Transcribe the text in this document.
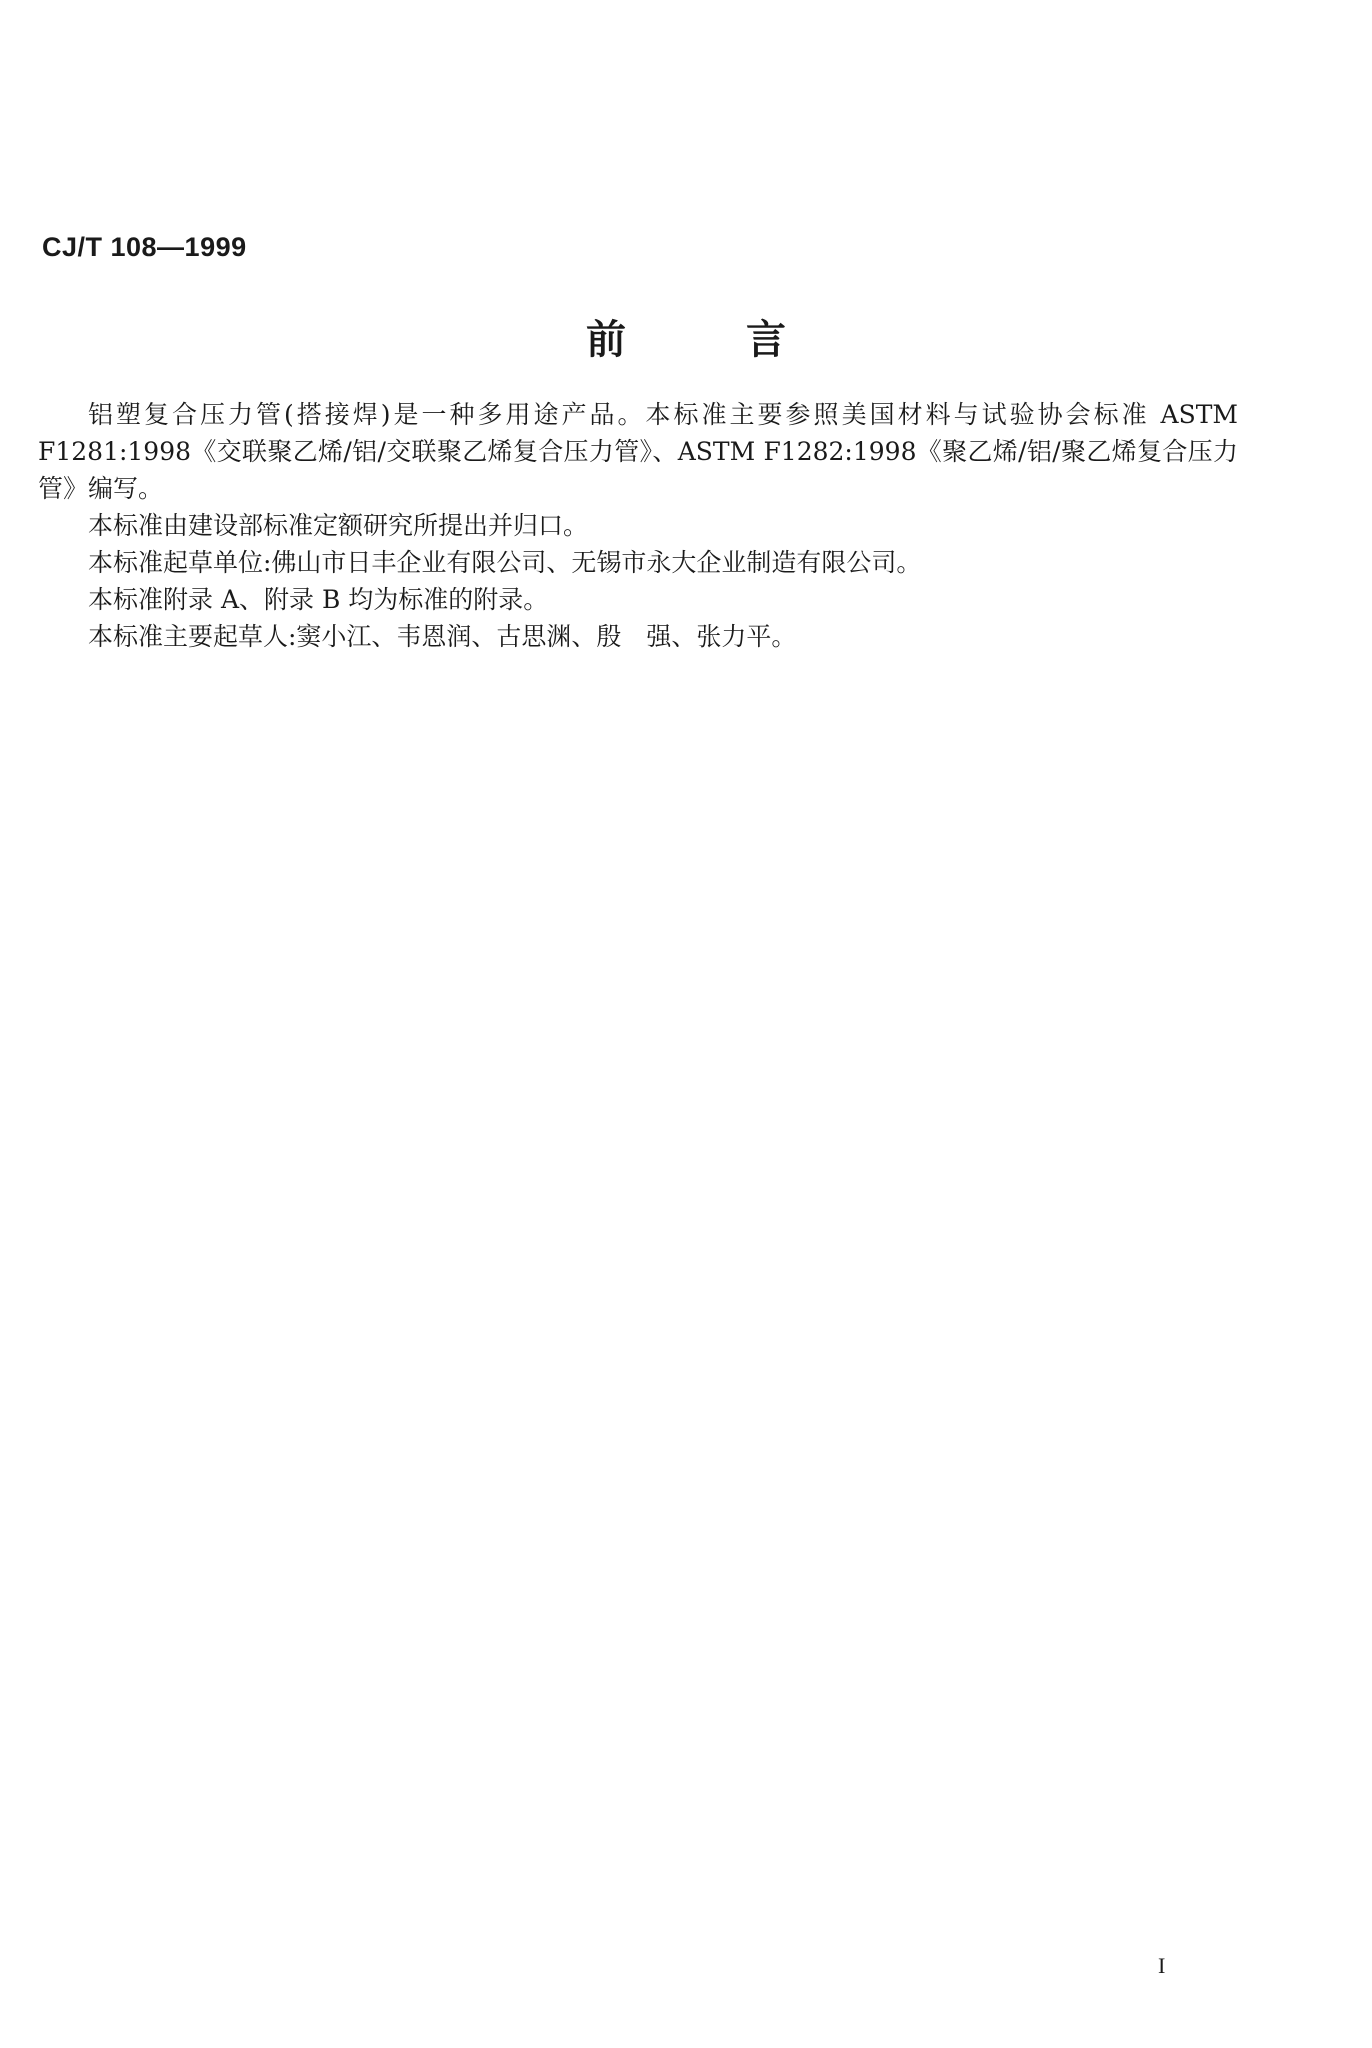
CJ/T 108—1999
前言

铝塑复合压力管(搭接焊)是一种多用途产品。本标准主要参照美国材料与试验协会标准 ASTM F1281:1998《交联聚乙烯/铝/交联聚乙烯复合压力管》、ASTM F1282:1998《聚乙烯/铝/聚乙烯复合压力管》编写。

本标准由建设部标准定额研究所提出并归口。

本标准起草单位:佛山市日丰企业有限公司、无锡市永大企业制造有限公司。

本标准附录 A、附录 B 均为标准的附录。

本标准主要起草人:窦小江、韦恩润、古思渊、殷　强、张力平。

I
